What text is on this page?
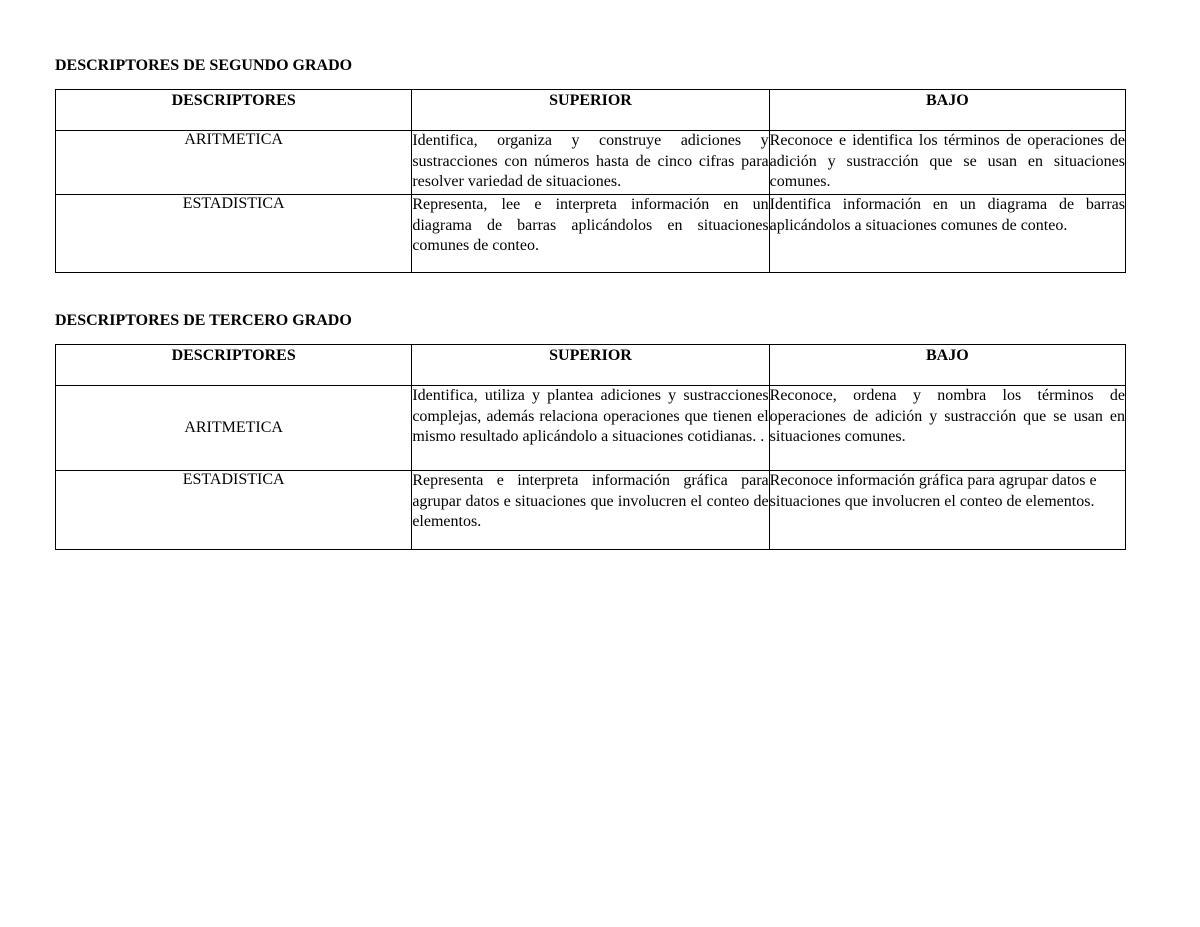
DESCRIPTORES DE SEGUNDO GRADO
DESCRIPTORES	SUPERIOR	BAJO
ARITMETICA	Identifica, organiza y construye adiciones y sustracciones con números hasta de cinco cifras para resolver variedad de situaciones.	Reconoce e identifica los términos de operaciones de adición y sustracción que se usan en situaciones comunes.
ESTADISTICA	Representa, lee e interpreta información en un diagrama de barras aplicándolos en situaciones comunes de conteo.	Identifica información en un diagrama de barras aplicándolos a situaciones comunes de conteo.
DESCRIPTORES DE TERCERO GRADO
DESCRIPTORES	SUPERIOR	BAJO
ARITMETICA	Identifica, utiliza y plantea adiciones y sustracciones complejas, además relaciona operaciones que tienen el mismo resultado aplicándolo a situaciones cotidianas. .	Reconoce, ordena y nombra los términos de operaciones de adición y sustracción que se usan en situaciones comunes.
ESTADISTICA	Representa e interpreta información gráfica para agrupar datos e situaciones que involucren el conteo de elementos.	Reconoce información gráfica para agrupar datos e situaciones que involucren el conteo de elementos.
